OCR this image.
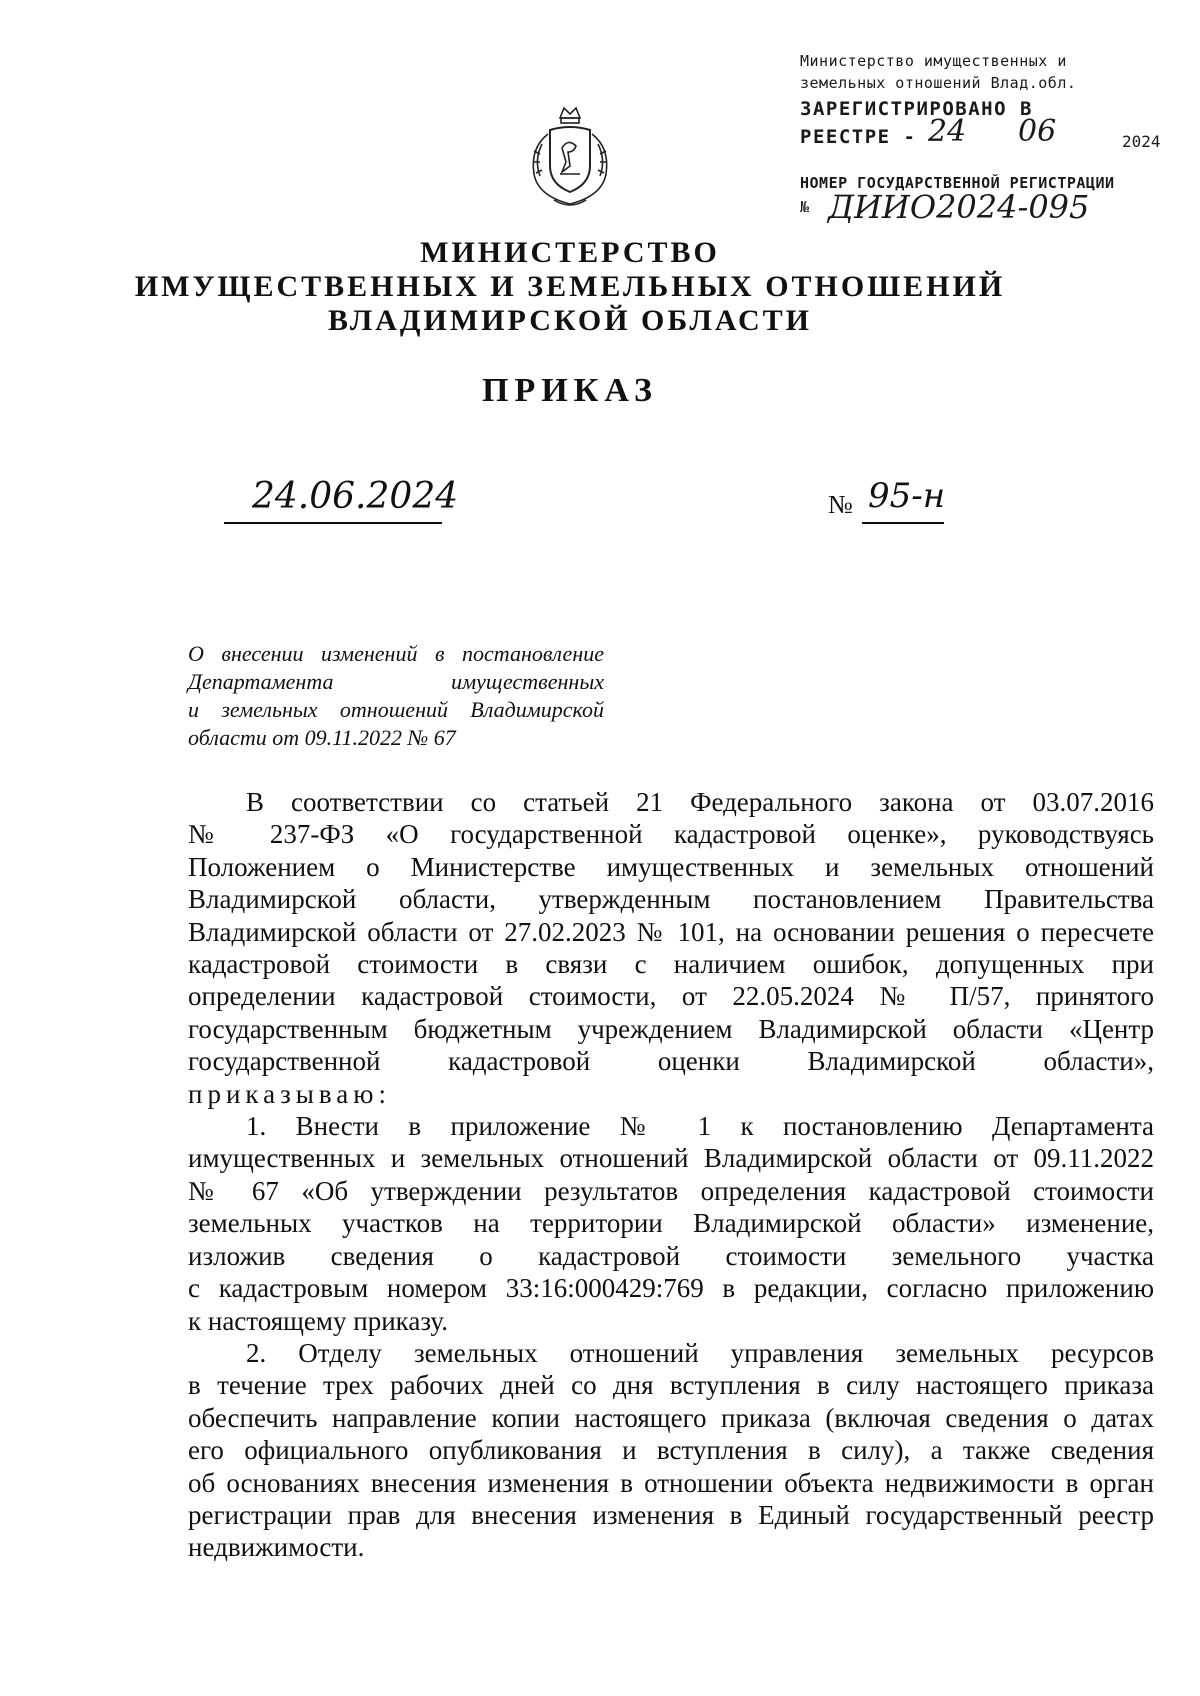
Министерство имущественных и
земельных отношений Влад.обл.
ЗАРЕГИСТРИРОВАНО В
РЕЕСТРЕ - 24 06	2024
НОМЕР ГОСУДАРСТВЕННОЙ РЕГИСТРАЦИИ
№ ДИИО2024-095
МИНИСТЕРСТВО
ИМУЩЕСТВЕННЫХ И ЗЕМЕЛЬНЫХ ОТНОШЕНИЙ
ВЛАДИМИРСКОЙ ОБЛАСТИ
ПРИКАЗ
24.06.2024	№ 95-н
О внесении изменений в постановление
Департамента имущественных
и земельных отношений Владимирской
области от 09.11.2022 № 67
В соответствии со статьей 21 Федерального закона от 03.07.2016
№ 237-ФЗ «О государственной кадастровой оценке», руководствуясь
Положением о Министерстве имущественных и земельных отношений
Владимирской области, утвержденным постановлением Правительства
Владимирской области от 27.02.2023 № 101, на основании решения о пересчете
кадастровой стоимости в связи с наличием ошибок, допущенных при
определении кадастровой стоимости, от 22.05.2024 № П/57, принятого
государственным бюджетным учреждением Владимирской области «Центр
государственной кадастровой оценки Владимирской области»,
приказываю:
1. Внести в приложение № 1 к постановлению Департамента
имущественных и земельных отношений Владимирской области от 09.11.2022
№ 67 «Об утверждении результатов определения кадастровой стоимости
земельных участков на территории Владимирской области» изменение,
изложив сведения о кадастровой стоимости земельного участка
с кадастровым номером 33:16:000429:769 в редакции, согласно приложению
к настоящему приказу.
2. Отделу земельных отношений управления земельных ресурсов
в течение трех рабочих дней со дня вступления в силу настоящего приказа
обеспечить направление копии настоящего приказа (включая сведения о датах
его официального опубликования и вступления в силу), а также сведения
об основаниях внесения изменения в отношении объекта недвижимости в орган
регистрации прав для внесения изменения в Единый государственный реестр
недвижимости.
